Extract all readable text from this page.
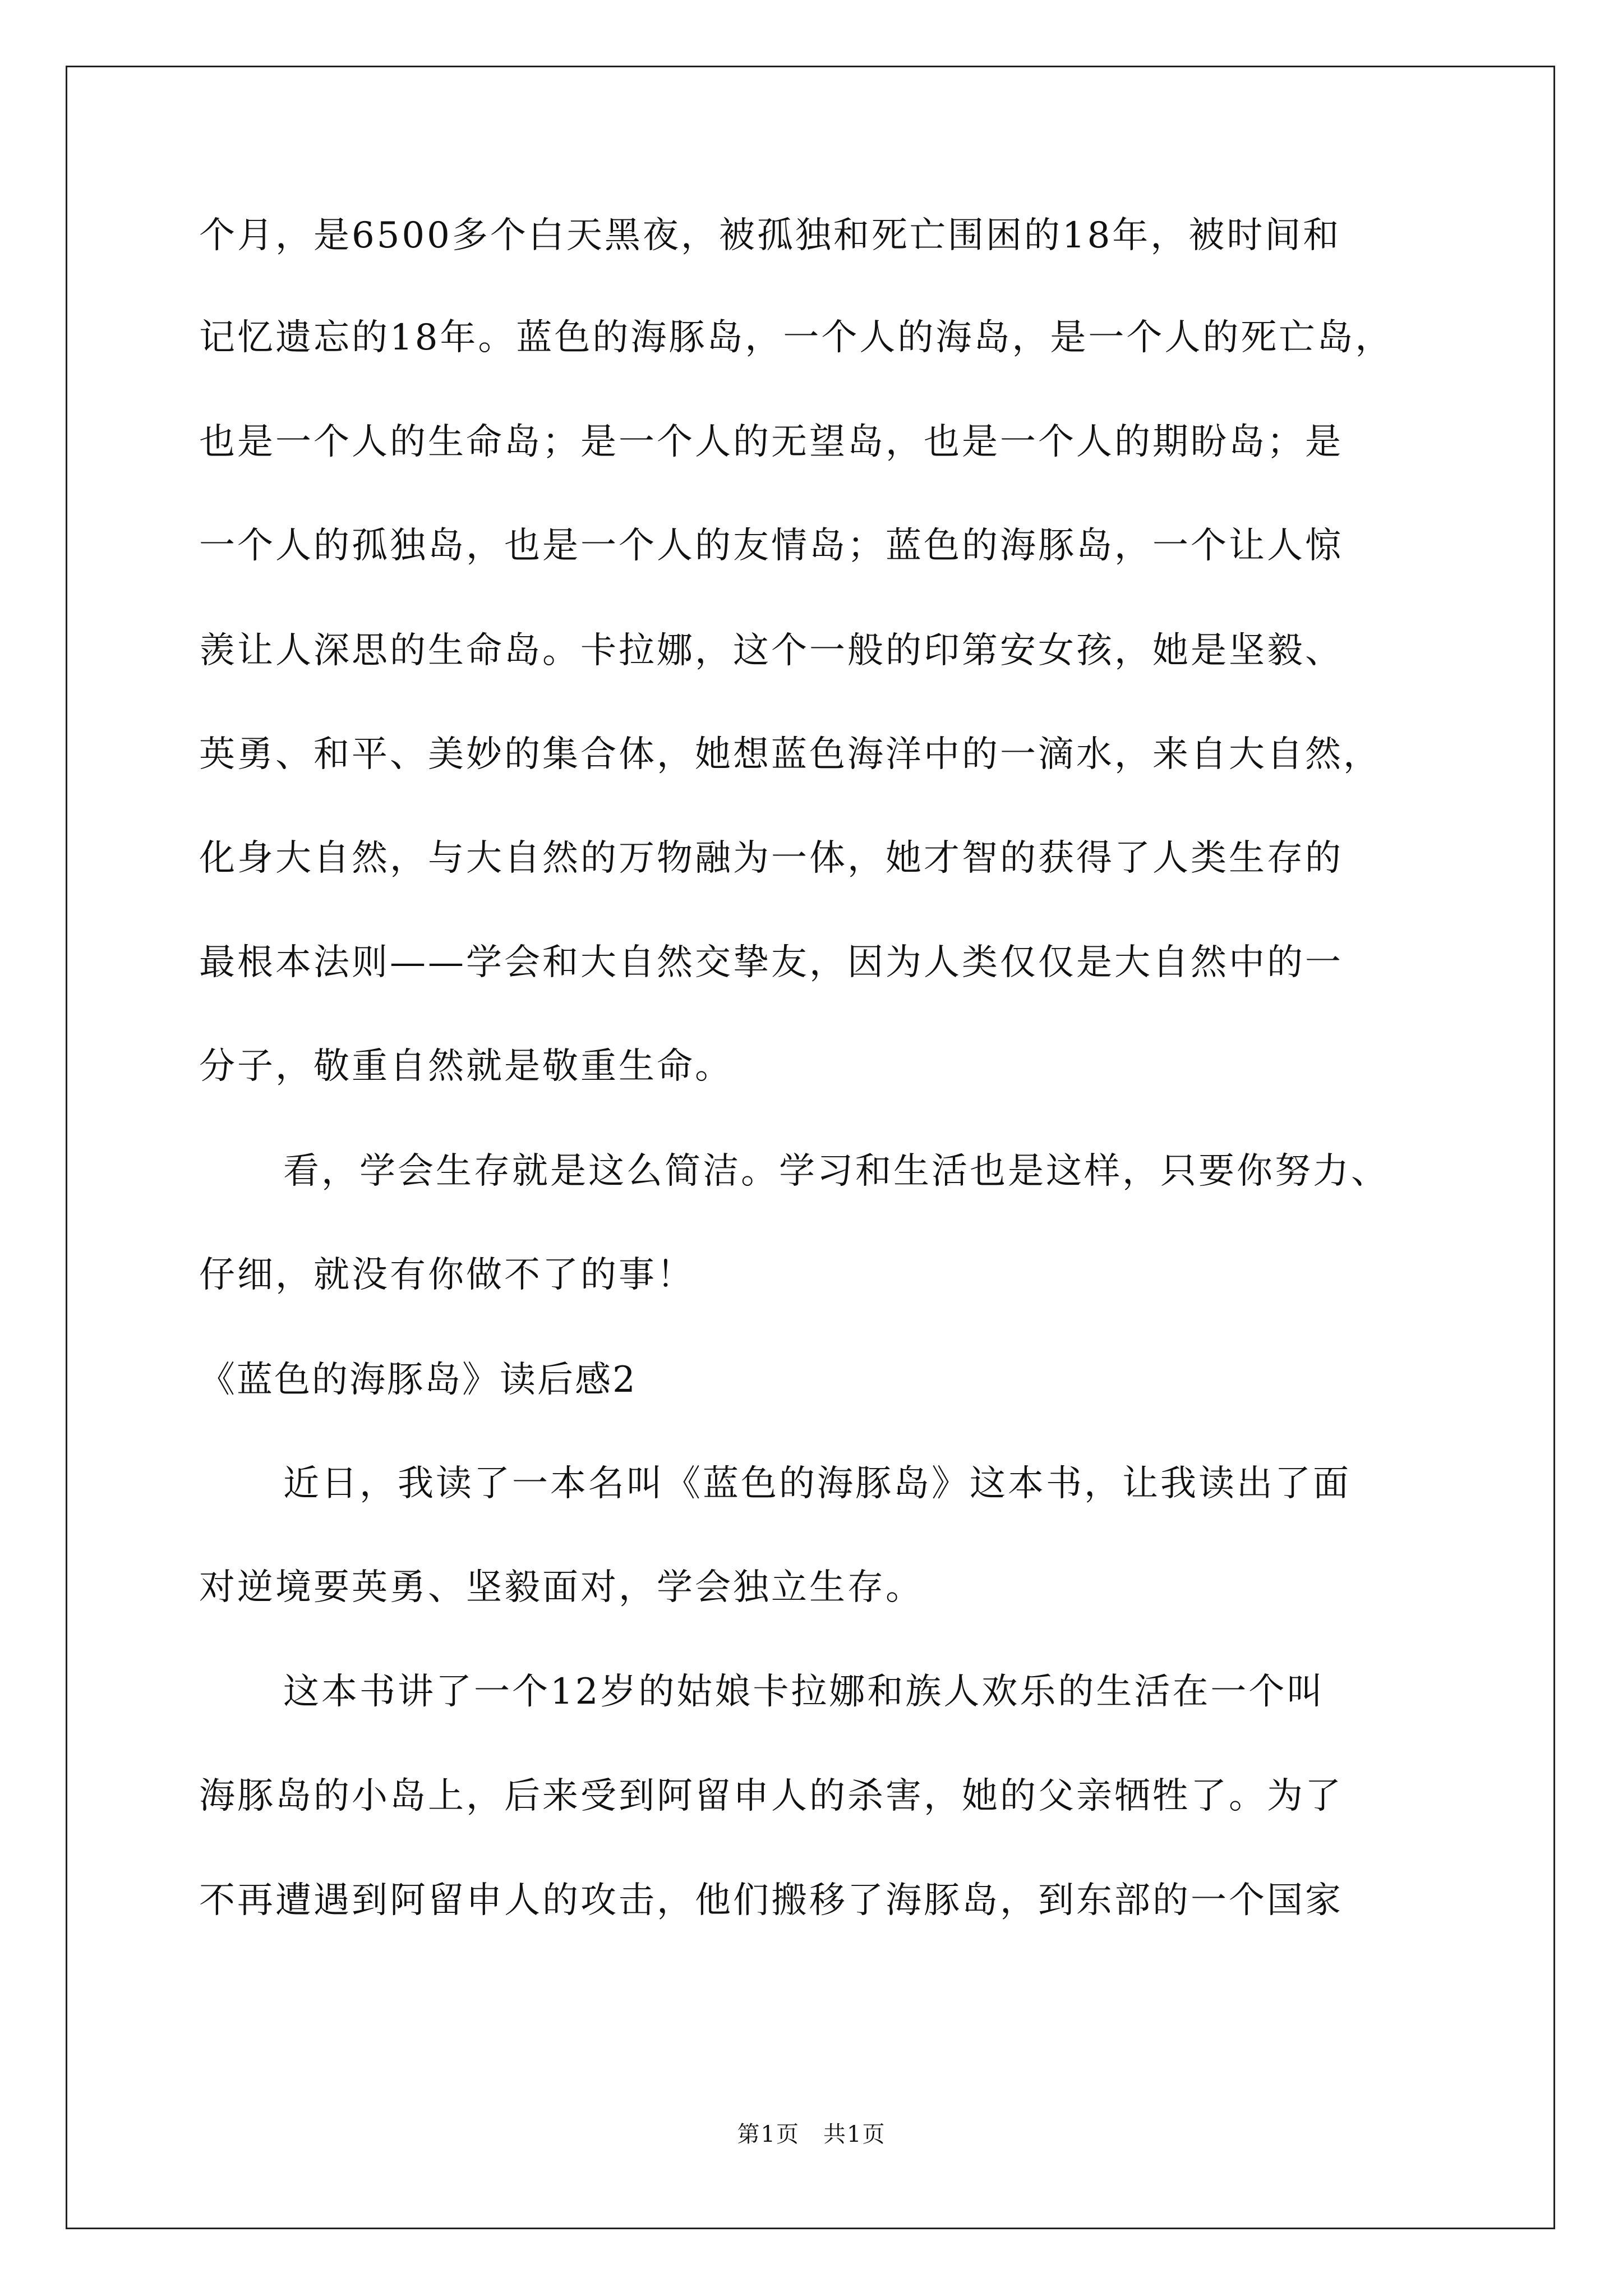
个月，是6500多个白天黑夜，被孤独和死亡围困的18年，被时间和
记忆遗忘的18年。蓝色的海豚岛，一个人的海岛，是一个人的死亡岛，
也是一个人的生命岛；是一个人的无望岛，也是一个人的期盼岛；是
一个人的孤独岛，也是一个人的友情岛；蓝色的海豚岛，一个让人惊
羡让人深思的生命岛。卡拉娜，这个一般的印第安女孩，她是坚毅、
英勇、和平、美妙的集合体，她想蓝色海洋中的一滴水，来自大自然，
化身大自然，与大自然的万物融为一体，她才智的获得了人类生存的
最根本法则——学会和大自然交挚友，因为人类仅仅是大自然中的一
分子，敬重自然就是敬重生命。
看，学会生存就是这么简洁。学习和生活也是这样，只要你努力、
仔细，就没有你做不了的事！
《蓝色的海豚岛》读后感2
近日，我读了一本名叫《蓝色的海豚岛》这本书，让我读出了面
对逆境要英勇、坚毅面对，学会独立生存。
这本书讲了一个12岁的姑娘卡拉娜和族人欢乐的生活在一个叫
海豚岛的小岛上，后来受到阿留申人的杀害，她的父亲牺牲了。为了
不再遭遇到阿留申人的攻击，他们搬移了海豚岛，到东部的一个国家
第1页　共1页
